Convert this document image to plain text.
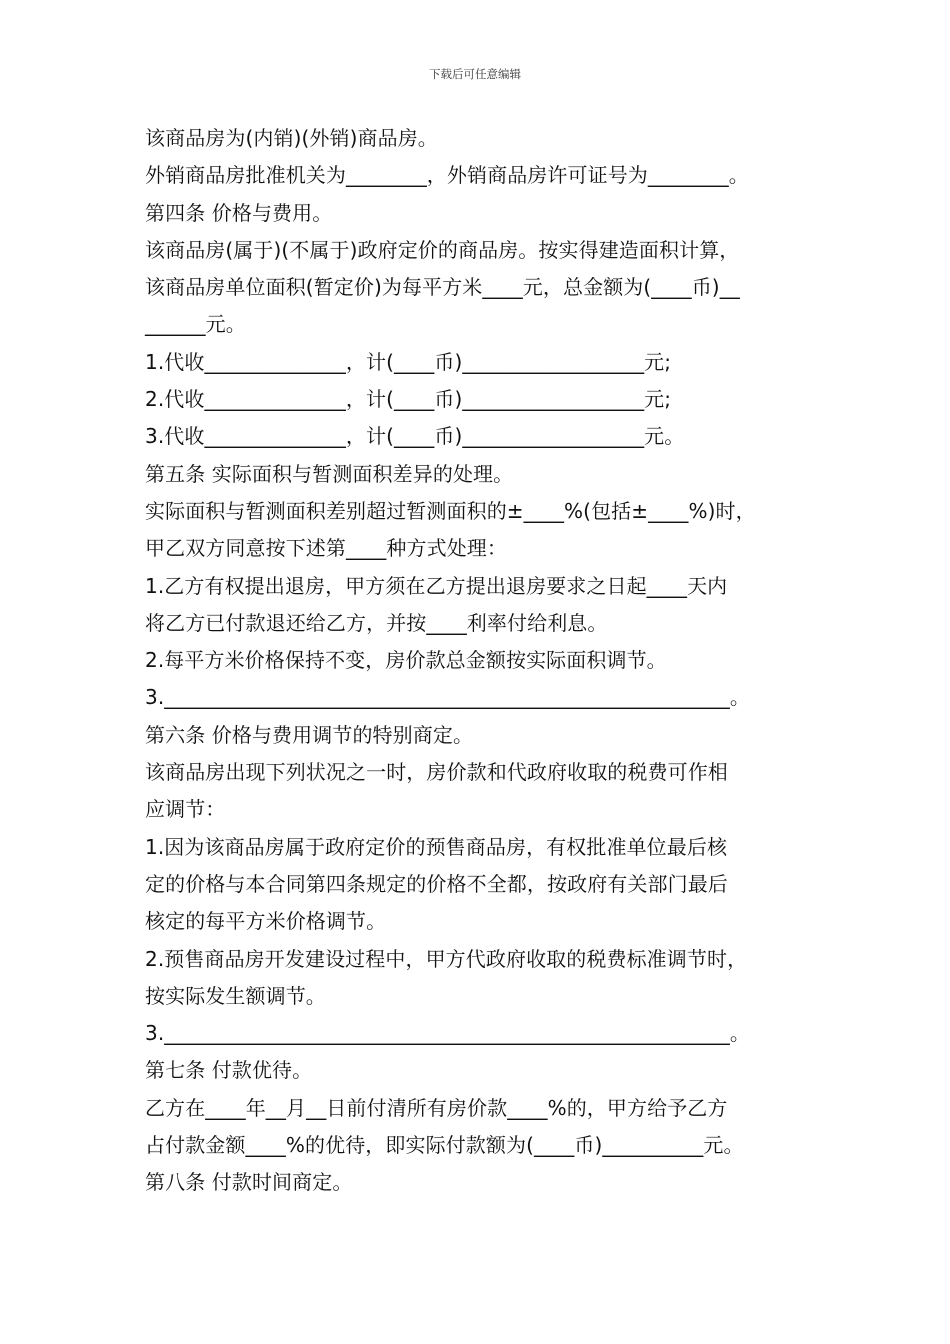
下载后可任意编辑
该商品房为(内销)(外销)商品房。
外销商品房批准机关为________，外销商品房许可证号为________。
第四条 价格与费用。
该商品房(属于)(不属于)政府定价的商品房。按实得建造面积计算，
该商品房单位面积(暂定价)为每平方米____元，总金额为(____币)__
______元。
1.代收______________，计(____币)__________________元;
2.代收______________，计(____币)__________________元;
3.代收______________，计(____币)__________________元。
第五条 实际面积与暂测面积差异的处理。
实际面积与暂测面积差别超过暂测面积的±____%(包括±____%)时，
甲乙双方同意按下述第____种方式处理：
1.乙方有权提出退房，甲方须在乙方提出退房要求之日起____天内
将乙方已付款退还给乙方，并按____利率付给利息。
2.每平方米价格保持不变，房价款总金额按实际面积调节。
3.________________________________________________________。
第六条 价格与费用调节的特别商定。
该商品房出现下列状况之一时，房价款和代政府收取的税费可作相
应调节：
1.因为该商品房属于政府定价的预售商品房，有权批准单位最后核
定的价格与本合同第四条规定的价格不全都，按政府有关部门最后
核定的每平方米价格调节。
2.预售商品房开发建设过程中，甲方代政府收取的税费标准调节时，
按实际发生额调节。
3.________________________________________________________。
第七条 付款优待。
乙方在____年__月__日前付清所有房价款____%的，甲方给予乙方
占付款金额____%的优待，即实际付款额为(____币)__________元。
第八条 付款时间商定。
